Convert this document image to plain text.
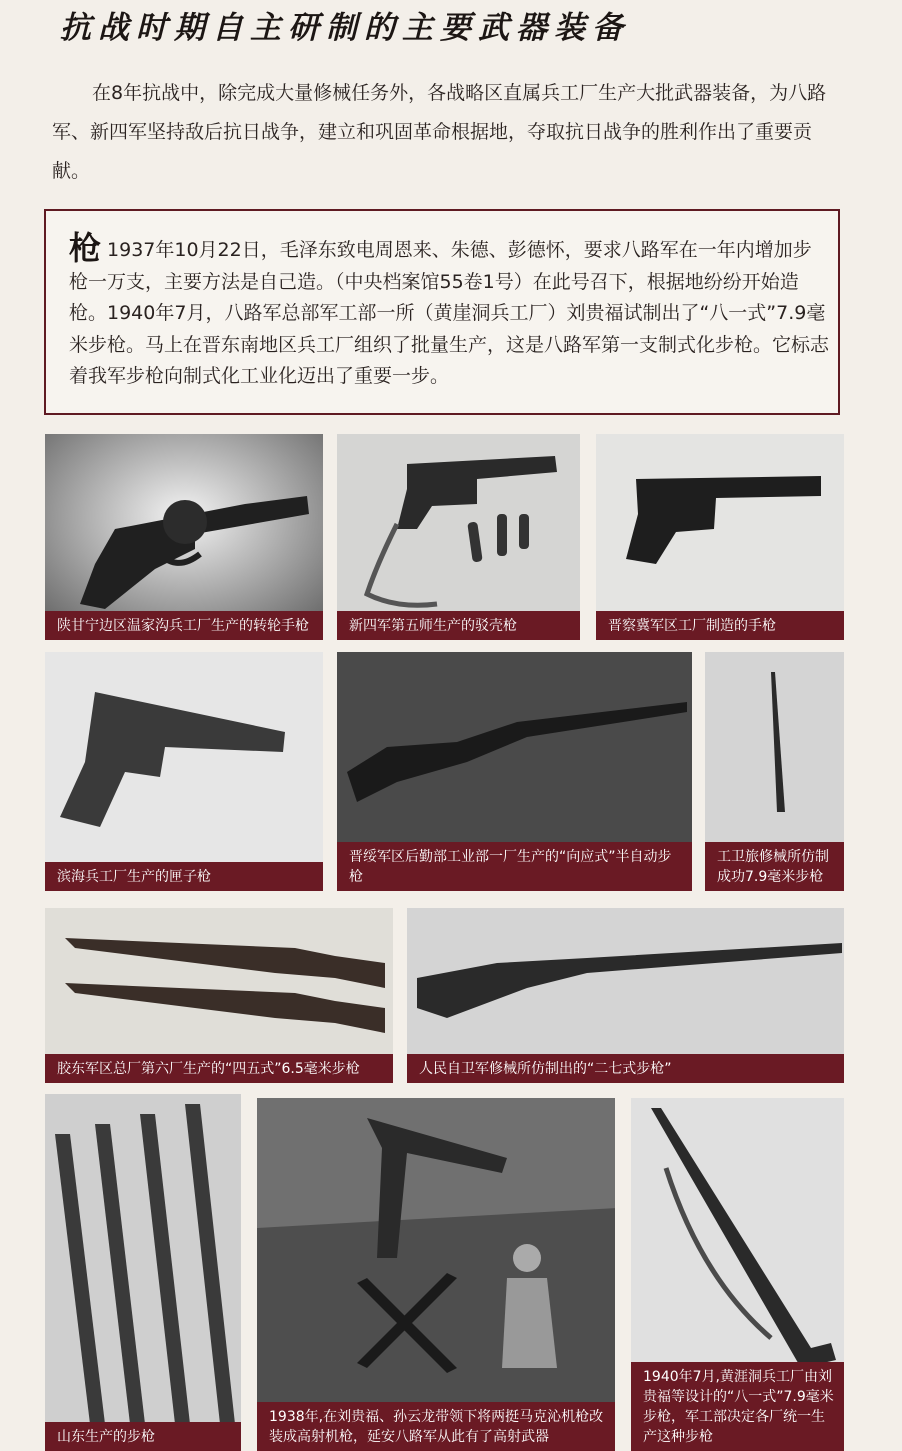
抗战时期自主研制的主要武器装备
在8年抗战中，除完成大量修械任务外，各战略区直属兵工厂生产大批武器装备，为八路军、新四军坚持敌后抗日战争，建立和巩固革命根据地，夺取抗日战争的胜利作出了重要贡献。
枪 1937年10月22日，毛泽东致电周恩来、朱德、彭德怀，要求八路军在一年内增加步枪一万支，主要方法是自己造。（中央档案馆55卷1号）在此号召下，根据地纷纷开始造枪。1940年7月，八路军总部军工部一所（黄崖洞兵工厂）刘贵福试制出了“八一式”7.9毫米步枪。马上在晋东南地区兵工厂组织了批量生产，这是八路军第一支制式化步枪。它标志着我军步枪向制式化工业化迈出了重要一步。
陕甘宁边区温家沟兵工厂生产的转轮手枪	新四军第五师生产的驳壳枪	晋察冀军区工厂制造的手枪
滨海兵工厂生产的匣子枪
晋绥军区后勤部工业部一厂生产的“向应式”半自动步枪
工卫旅修械所仿制成功7.9毫米步枪
胶东军区总厂第六厂生产的“四五式”6.5毫米步枪	人民自卫军修械所仿制出的“二七式步枪”
山东生产的步枪
1938年,在刘贵福、孙云龙带领下将两挺马克沁机枪改装成高射机枪，延安八路军从此有了高射武器
1940年7月,黄涯洞兵工厂由刘贵福等设计的“八一式”7.9毫米步枪，军工部决定各厂统一生产这种步枪
